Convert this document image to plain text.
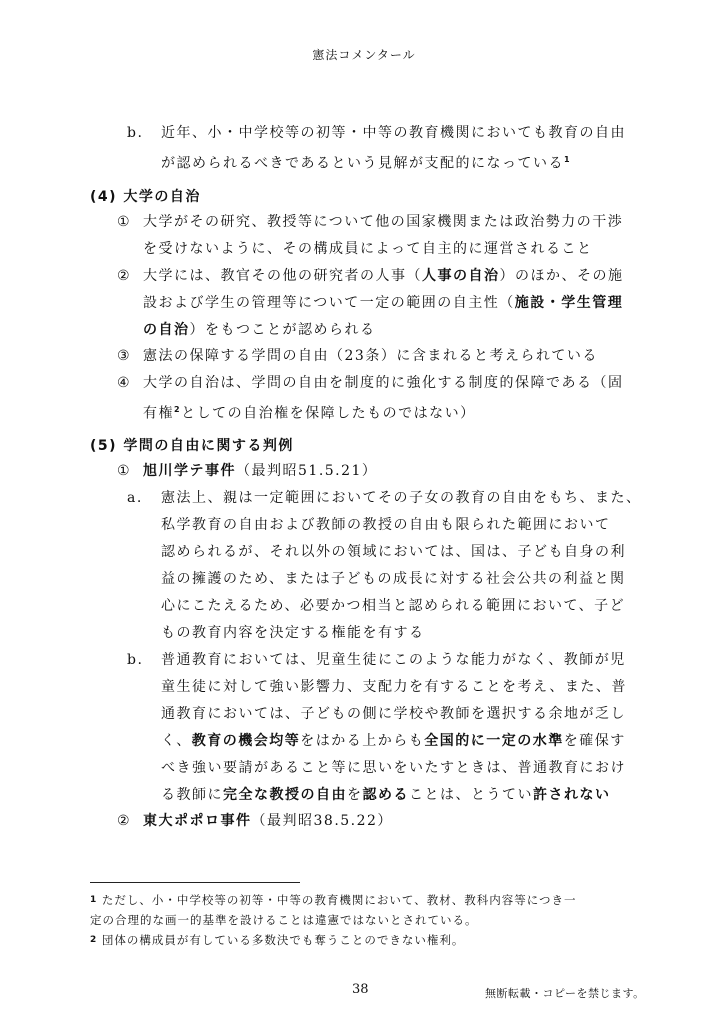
憲法コメンタール
b. 近年、小・中学校等の初等・中等の教育機関においても教育の自由
が認められるべきであるという見解が支配的になっている$^1$
(4) 大学の自治
① 大学がその研究、教授等について他の国家機関または政治勢力の干渉
を受けないように、その構成員によって自主的に運営されること
② 大学には、教官その他の研究者の人事（人事の自治）のほか、その施
設および学生の管理等について一定の範囲の自主性（施設・学生管理
の自治）をもつことが認められる
③ 憲法の保障する学問の自由（23条）に含まれると考えられている
④ 大学の自治は、学問の自由を制度的に強化する制度的保障である（固
有権$^2$としての自治権を保障したものではない）
(5) 学問の自由に関する判例
① 旭川学テ事件（最判昭51.5.21）
a. 憲法上、親は一定範囲においてその子女の教育の自由をもち、また、
私学教育の自由および教師の教授の自由も限られた範囲において
認められるが、それ以外の領域においては、国は、子ども自身の利
益の擁護のため、または子どもの成長に対する社会公共の利益と関
心にこたえるため、必要かつ相当と認められる範囲において、子ど
もの教育内容を決定する権能を有する
b. 普通教育においては、児童生徒にこのような能力がなく、教師が児
童生徒に対して強い影響力、支配力を有することを考え、また、普
通教育においては、子どもの側に学校や教師を選択する余地が乏し
く、教育の機会均等をはかる上からも全国的に一定の水準を確保す
べき強い要請があること等に思いをいたすときは、普通教育におけ
る教師に完全な教授の自由を認めることは、とうてい許されない
② 東大ポポロ事件（最判昭38.5.22）
$^1$ ただし、小・中学校等の初等・中等の教育機関において、教材、教科内容等につき一
定の合理的な画一的基準を設けることは違憲ではないとされている。
$^2$ 団体の構成員が有している多数決でも奪うことのできない権利。
38	無断転載・コピーを禁じます。
